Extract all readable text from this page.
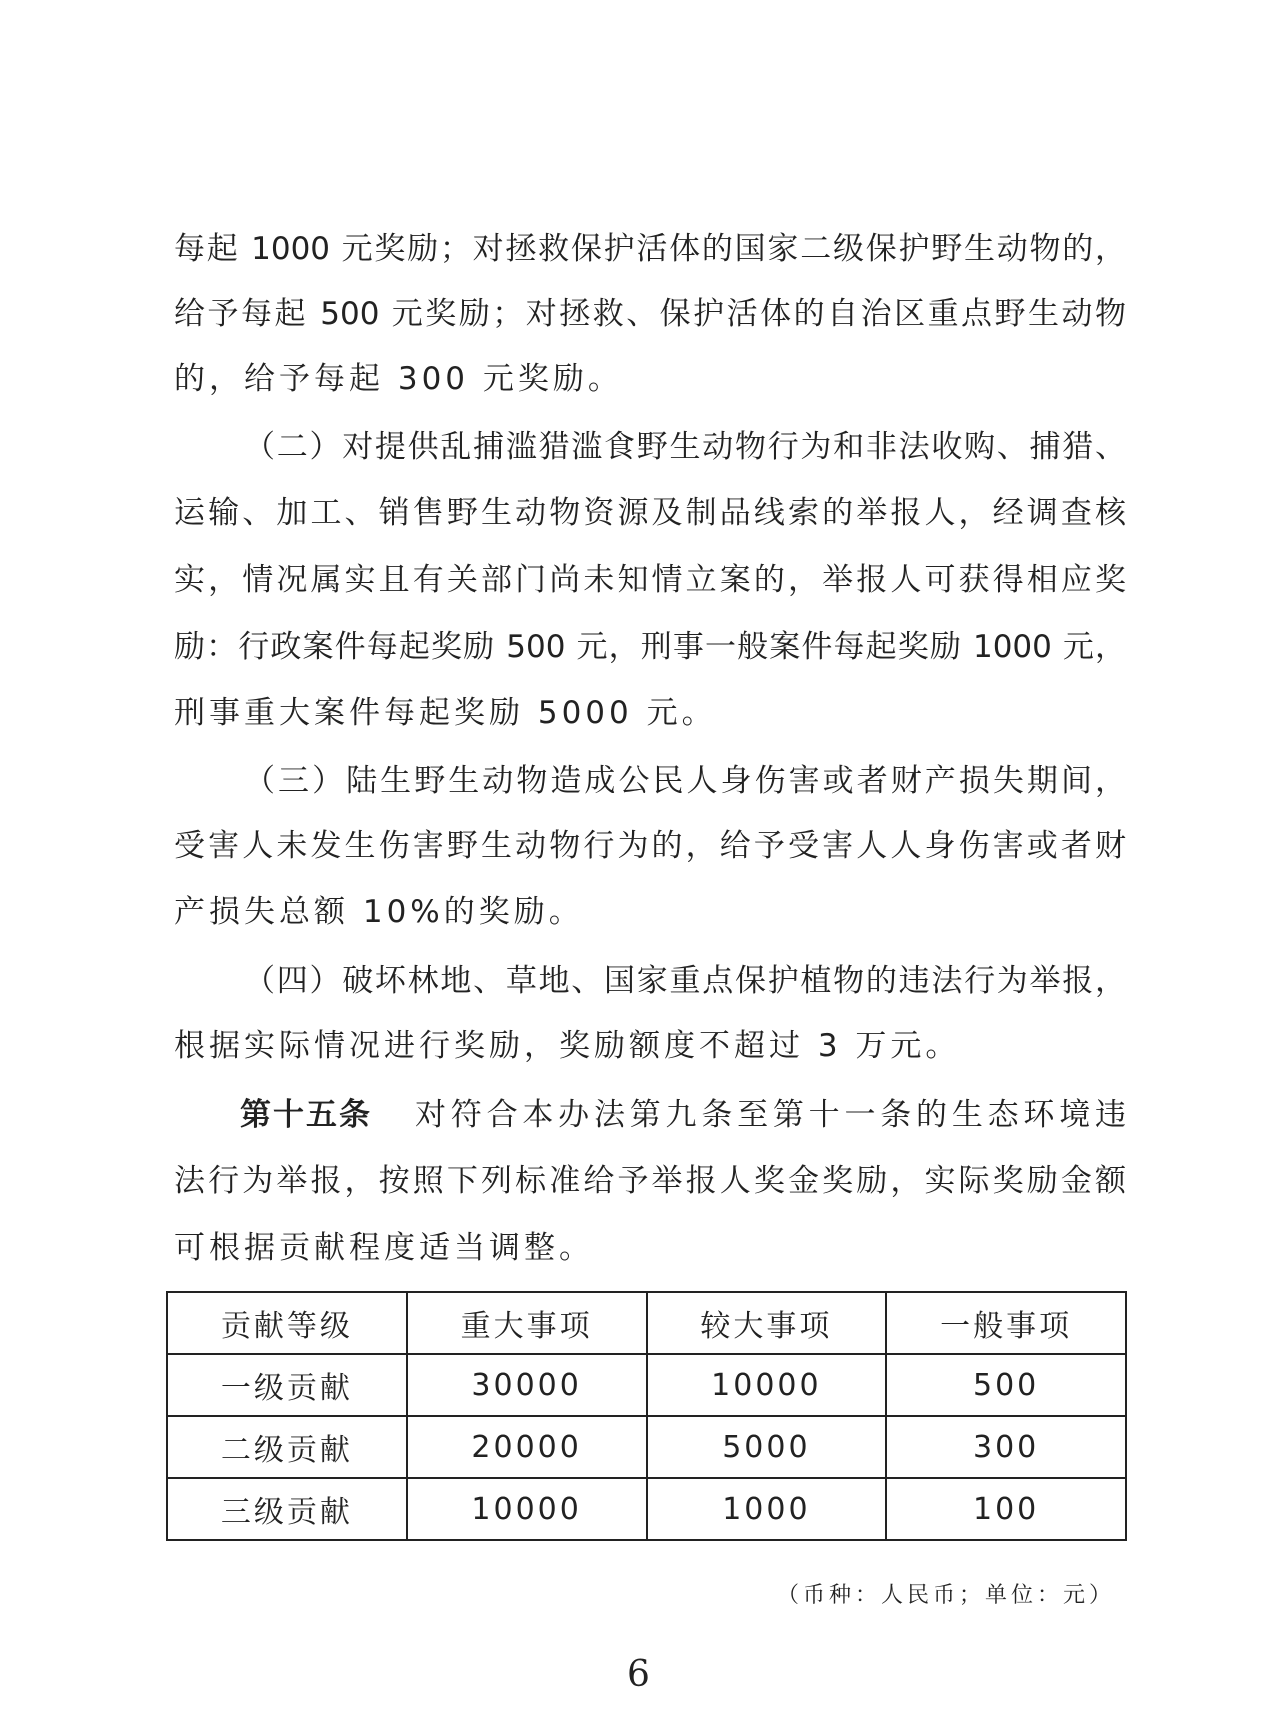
每起 1000 元奖励；对拯救保护活体的国家二级保护野生动物的，
给予每起 500 元奖励；对拯救、保护活体的自治区重点野生动物
的，给予每起 300 元奖励。
（二）对提供乱捕滥猎滥食野生动物行为和非法收购、捕猎、
运输、加工、销售野生动物资源及制品线索的举报人，经调查核
实，情况属实且有关部门尚未知情立案的，举报人可获得相应奖
励：行政案件每起奖励 500 元，刑事一般案件每起奖励 1000 元，
刑事重大案件每起奖励 5000 元。
（三）陆生野生动物造成公民人身伤害或者财产损失期间，
受害人未发生伤害野生动物行为的，给予受害人人身伤害或者财
产损失总额 10%的奖励。
（四）破坏林地、草地、国家重点保护植物的违法行为举报，
根据实际情况进行奖励，奖励额度不超过 3 万元。
第十五条 对符合本办法第九条至第十一条的生态环境违
法行为举报，按照下列标准给予举报人奖金奖励，实际奖励金额
可根据贡献程度适当调整。
贡献等级	重大事项	较大事项	一般事项
一级贡献	30000	10000	500
二级贡献	20000	5000	300
三级贡献	10000	1000	100
（币种：人民币；单位：元）
6
